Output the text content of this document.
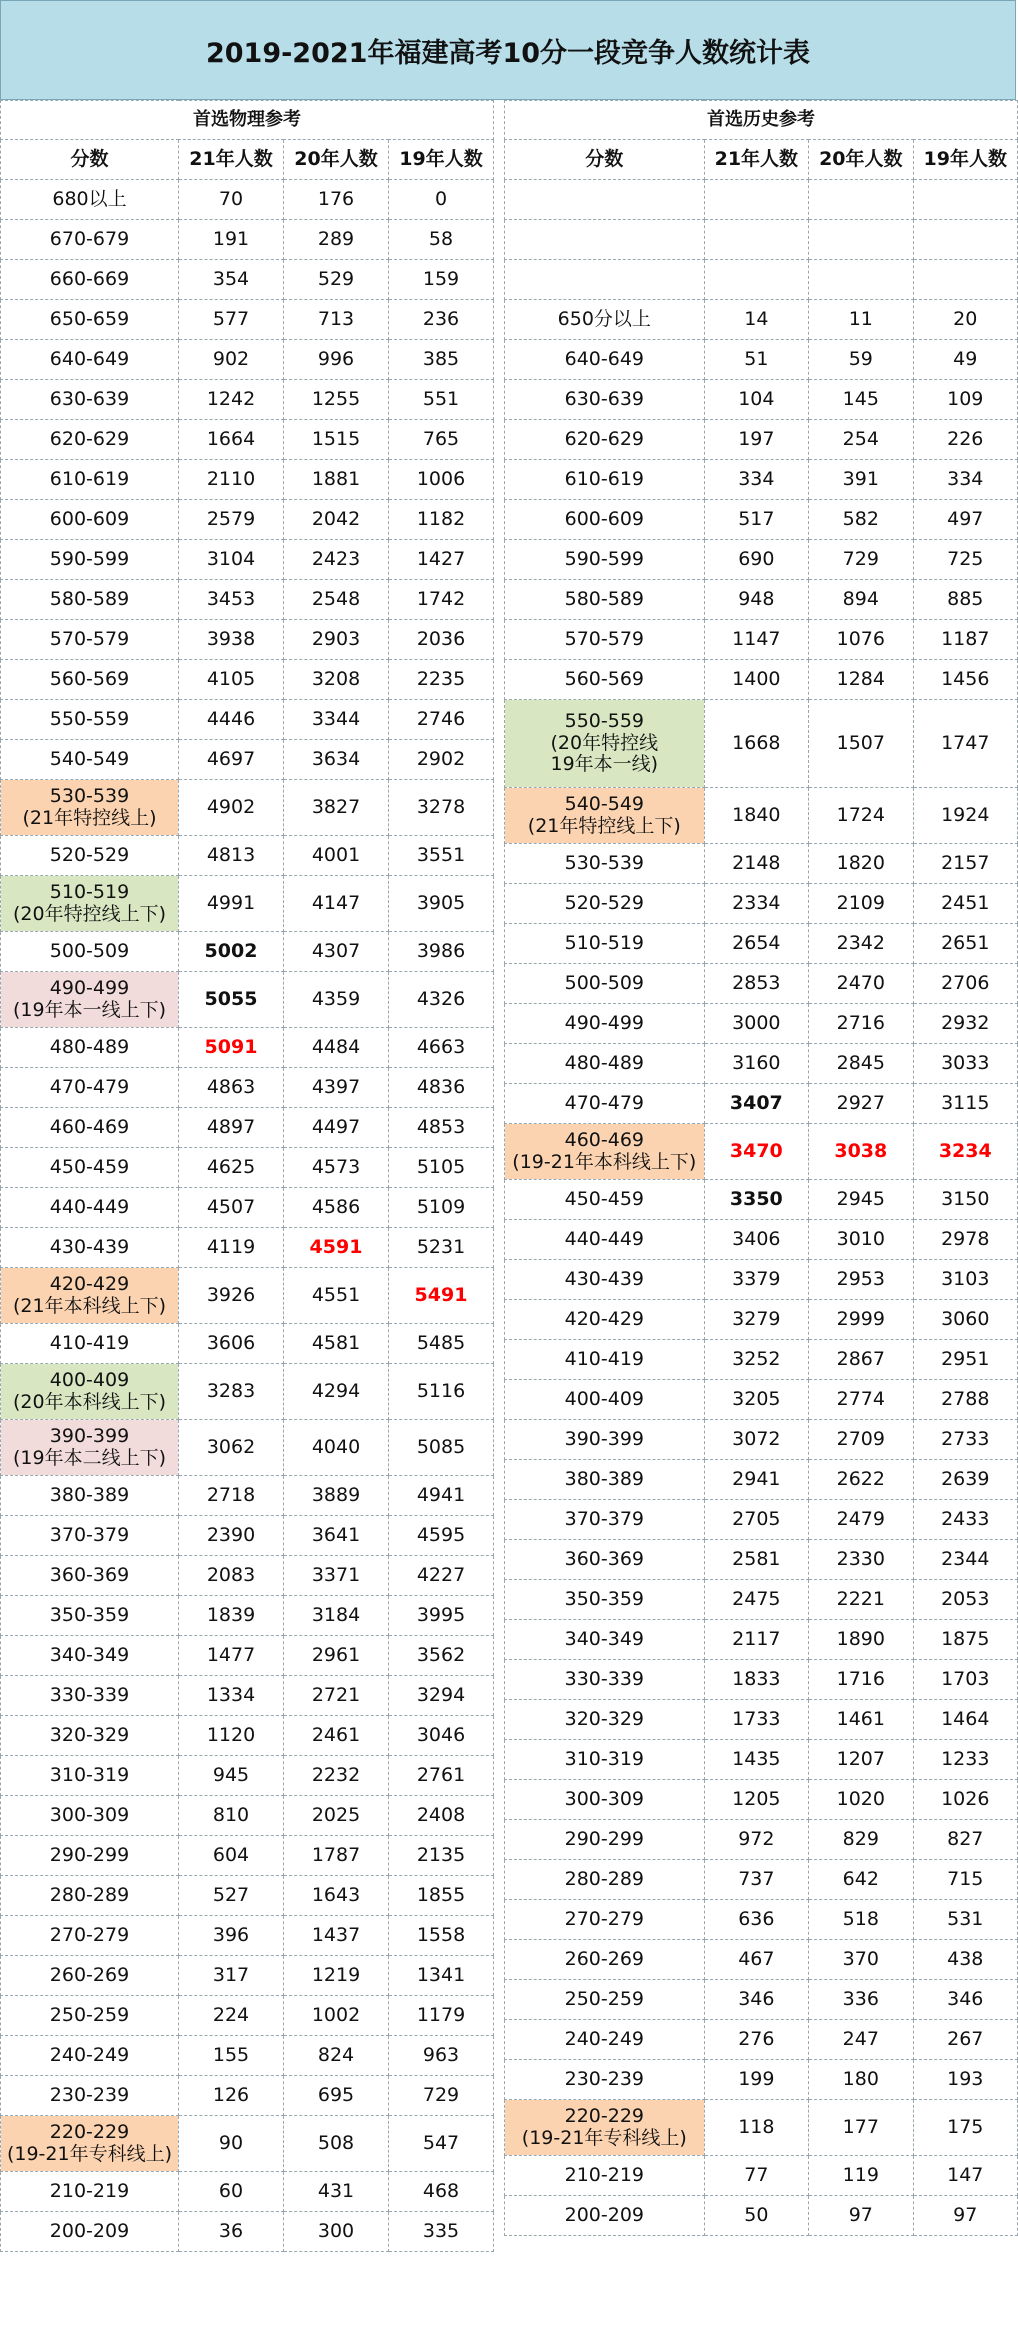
2019-2021年福建高考10分一段竞争人数统计表
首选物理参考			
分数	21年人数	20年人数	19年人数

680以上	70	176	0

670-679	191	289	58

660-669	354	529	159

650-659	577	713	236

640-649	902	996	385

630-639	1242	1255	551

620-629	1664	1515	765

610-619	2110	1881	1006

600-609	2579	2042	1182

590-599	3104	2423	1427

580-589	3453	2548	1742

570-579	3938	2903	2036

560-569	4105	3208	2235

550-559	4446	3344	2746

540-549	4697	3634	2902

530-539
(21年特控线上)	4902	3827	3278

520-529	4813	4001	3551

510-519
(20年特控线上下)	4991	4147	3905

500-509	5002	4307	3986

490-499
(19年本一线上下)	5055	4359	4326

480-489	5091	4484	4663

470-479	4863	4397	4836

460-469	4897	4497	4853

450-459	4625	4573	5105

440-449	4507	4586	5109

430-439	4119	4591	5231

420-429
(21年本科线上下)	3926	4551	5491

410-419	3606	4581	5485

400-409
(20年本科线上下)	3283	4294	5116

390-399
(19年本二线上下)	3062	4040	5085

380-389	2718	3889	4941

370-379	2390	3641	4595

360-369	2083	3371	4227

350-359	1839	3184	3995

340-349	1477	2961	3562

330-339	1334	2721	3294

320-329	1120	2461	3046

310-319	945	2232	2761

300-309	810	2025	2408

290-299	604	1787	2135

280-289	527	1643	1855

270-279	396	1437	1558

260-269	317	1219	1341

250-259	224	1002	1179

240-249	155	824	963

230-239	126	695	729

220-229
(19-21年专科线上)	90	508	547

210-219	60	431	468

200-209	36	300	335
首选历史参考			
分数	21年人数	20年人数	19年人数

650分以上	14	11	20

640-649	51	59	49

630-639	104	145	109

620-629	197	254	226

610-619	334	391	334

600-609	517	582	497

590-599	690	729	725

580-589	948	894	885

570-579	1147	1076	1187

560-569	1400	1284	1456

550-559
(20年特控线
19年本一线)	1668	1507	1747

540-549
(21年特控线上下)	1840	1724	1924

530-539	2148	1820	2157

520-529	2334	2109	2451

510-519	2654	2342	2651

500-509	2853	2470	2706

490-499	3000	2716	2932

480-489	3160	2845	3033

470-479	3407	2927	3115

460-469
(19-21年本科线上下)	3470	3038	3234

450-459	3350	2945	3150

440-449	3406	3010	2978

430-439	3379	2953	3103

420-429	3279	2999	3060

410-419	3252	2867	2951

400-409	3205	2774	2788

390-399	3072	2709	2733

380-389	2941	2622	2639

370-379	2705	2479	2433

360-369	2581	2330	2344

350-359	2475	2221	2053

340-349	2117	1890	1875

330-339	1833	1716	1703

320-329	1733	1461	1464

310-319	1435	1207	1233

300-309	1205	1020	1026

290-299	972	829	827

280-289	737	642	715

270-279	636	518	531

260-269	467	370	438

250-259	346	336	346

240-249	276	247	267

230-239	199	180	193

220-229
(19-21年专科线上)	118	177	175

210-219	77	119	147

200-209	50	97	97
